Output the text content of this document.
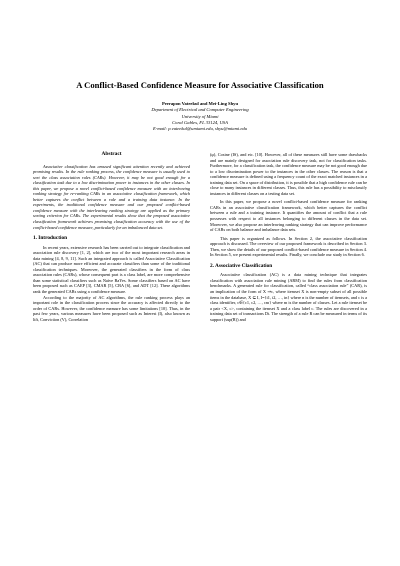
A Conflict-Based Confidence Measure for Associative Classification
Peerapon Vateekul and Mei-Ling Shyu
Department of Electrical and Computer Engineering
University of Miami
Coral Gables, FL 33124, USA
E-mail: p.vateekul@umiami.edu, shyu@miami.edu
Abstract

Associative classification has aroused significant attention recently and achieved promising results. In the rule ranking process, the confidence measure is usually used to sort the class association rules (CARs). However, it may be not good enough for a classification task due to a low discrimination power to instances in the other classes. In this paper, we propose a novel conflict-based confidence measure with an interleaving ranking strategy for re-ranking CARs in an associative classification framework, which better captures the conflict between a rule and a training data instance. In the experiments, the traditional confidence measure and our proposed conflict-based confidence measure with the interleaving ranking strategy are applied as the primary sorting criterion for CARs. The experimental results show that the proposed associative classification framework achieves promising classification accuracy with the use of the conflict-based confidence measure, particularly for an imbalanced data set.

1. Introduction

In recent years, extensive research has been carried out to integrate classification and association rule discovery [1, 2], which are two of the most important research areas in data mining [4, 8, 9, 11]. Such an integrated approach is called Associative Classification (AC) that can produce more efficient and accurate classifiers than some of the traditional classification techniques. Moreover, the generated classifiers in the form of class association rules (CARs), whose consequent part is a class label, are more comprehensive than some statistical classifiers such as Naïve BaYes. Some classifiers based on AC have been proposed such as CAEP [3], CMAR [5], CBA [6], and ADT [12]. These algorithms rank the generated CARs using a confidence measure.

According to the majority of AC algorithms, the rule ranking process plays an important role in the classification process since the accuracy is affected directly to the order of CARs. However, the confidence measure has some limitations [10]. Thus, in the past few years, various measures have been proposed such as Interest (I), also known as lift, Conviction (V), Correlation

(φ), Cosine (IS), and etc. [10]. However, all of these measures still have some drawbacks and are mainly designed for association rule discovery task, not for classification tasks. Furthermore, for a classification task, the confidence measure may be not good enough due to a low discrimination power to the instances in the other classes. The reason is that a confidence measure is defined using a frequency count of the exact matched instances in a training data set. On a space of distribution, it is possible that a high confidence rule can be close to many instances in different classes. Thus, this rule has a possibility to misclassify instances in different classes on a testing data set.

In this paper, we propose a novel conflict-based confidence measure for ranking CARs in an associative classification framework, which better captures the conflict between a rule and a training instance. It quantifies the amount of conflict that a rule possesses with respect to all instances belonging to different classes in the data set. Moreover, we also propose an interleaving ranking strategy that can improve performance of CARs on both balance and imbalance data sets.

This paper is organized as follows. In Section 2, the associative classification approach is discussed. The overview of our proposed framework is described in Section 3. Then, we show the details of our proposed conflict-based confidence measure in Section 4. In Section 5, we present experimental results. Finally, we conclude our study in Section 6.

2. Associative Classification

Associative classification (AC) is a data mining technique that integrates classification with association rule mining (ARM) to find the rules from classification benchmarks. A generated rule for classification, called “class association rule” (CAR), is an implication of the form of X ⇒c, where itemset X is non-empty subset of all possible items in the database, X ⊆ I, I={i1, i2, …, in} where n is the number of itemsets, and c is a class identifier, c∈{c1, c2, …, cm} where m is the number of classes. Let a rule itemset be a pair <X, c>, containing the itemset X and a class label c. The rules are discovered in a training data set of transactions Dt. The strength of a rule R can be measured in terms of its support (sup(R)) and
